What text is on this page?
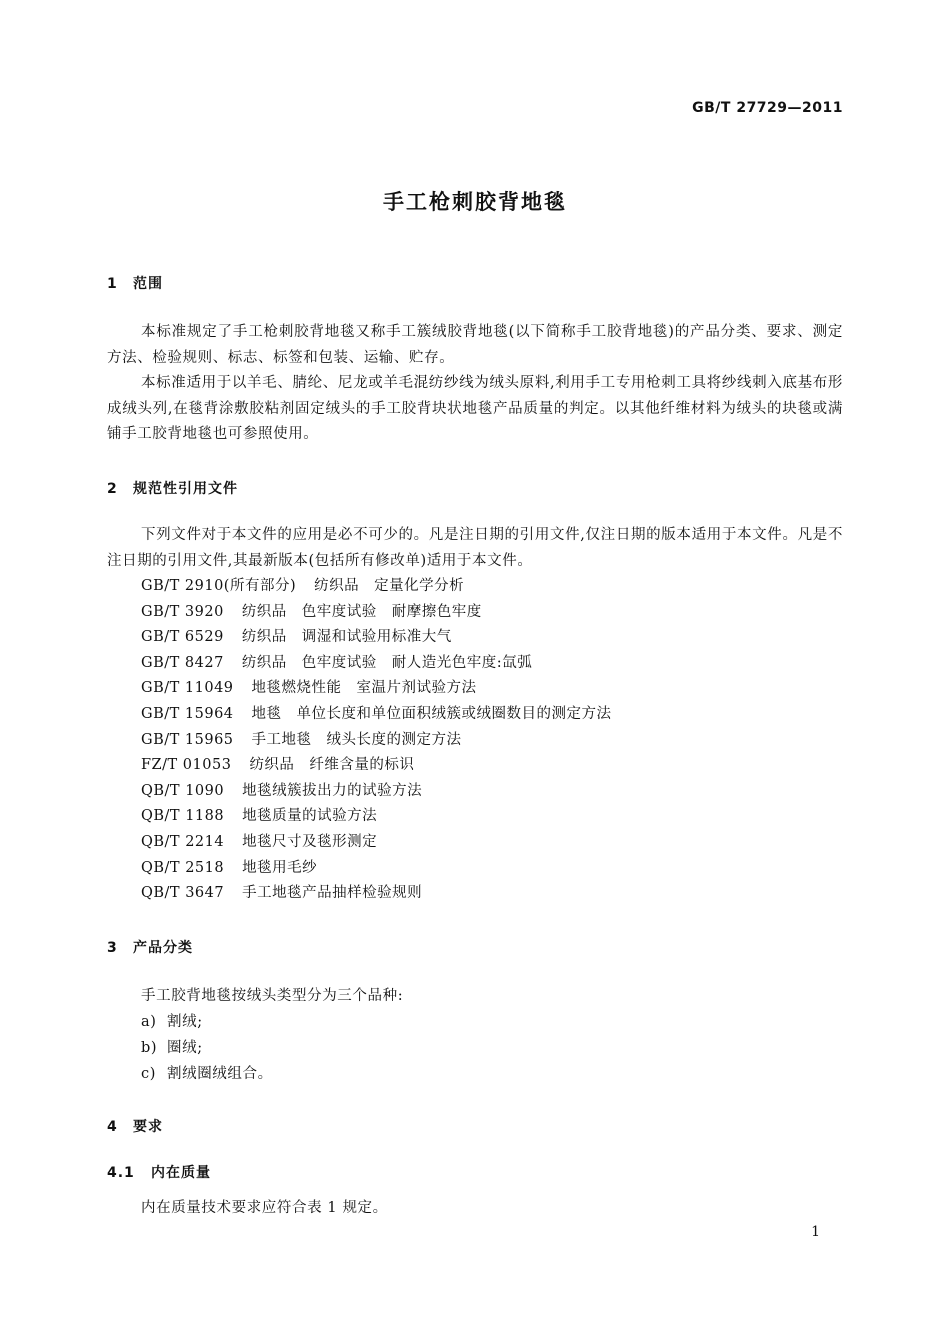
GB/T 27729—2011
手工枪刺胶背地毯
1 范围
本标准规定了手工枪刺胶背地毯又称手工簇绒胶背地毯(以下简称手工胶背地毯)的产品分类、要求、测定方法、检验规则、标志、标签和包装、运输、贮存。
本标准适用于以羊毛、腈纶、尼龙或羊毛混纺纱线为绒头原料,利用手工专用枪刺工具将纱线刺入底基布形成绒头列,在毯背涂敷胶粘剂固定绒头的手工胶背块状地毯产品质量的判定。以其他纤维材料为绒头的块毯或满铺手工胶背地毯也可参照使用。
2 规范性引用文件
下列文件对于本文件的应用是必不可少的。凡是注日期的引用文件,仅注日期的版本适用于本文件。凡是不注日期的引用文件,其最新版本(包括所有修改单)适用于本文件。
GB/T 2910(所有部分) 纺织品　定量化学分析
GB/T 3920 纺织品　色牢度试验　耐摩擦色牢度
GB/T 6529 纺织品　调湿和试验用标准大气
GB/T 8427 纺织品　色牢度试验　耐人造光色牢度:氙弧
GB/T 11049 地毯燃烧性能　室温片剂试验方法
GB/T 15964 地毯　单位长度和单位面积绒簇或绒圈数目的测定方法
GB/T 15965 手工地毯　绒头长度的测定方法
FZ/T 01053 纺织品　纤维含量的标识
QB/T 1090 地毯绒簇拔出力的试验方法
QB/T 1188 地毯质量的试验方法
QB/T 2214 地毯尺寸及毯形测定
QB/T 2518 地毯用毛纱
QB/T 3647 手工地毯产品抽样检验规则
3 产品分类
手工胶背地毯按绒头类型分为三个品种:
a) 割绒;
b) 圈绒;
c) 割绒圈绒组合。
4 要求
4.1 内在质量
内在质量技术要求应符合表 1 规定。
1
